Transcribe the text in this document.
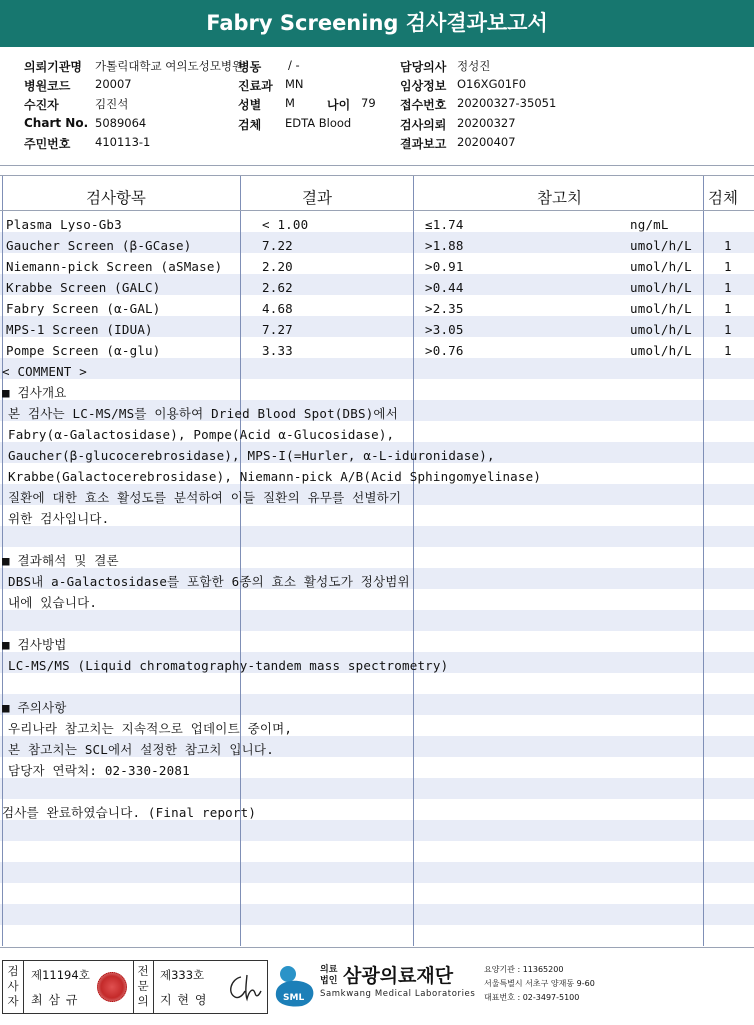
Fabry Screening 검사결과보고서
의뢰기관명 가톨릭대학교 여의도성모병원
병동 / -	담당의사 정성진
병원코드 20007	진료과 MN	임상정보 O16XG01F0
수진자	김진석	성별 M	나이 79 접수번호 20200327-35051
Chart No. 5089064	검체 EDTA Blood	검사의뢰 20200327
주민번호 410113-1	결과보고 20200407
검사항목	결과	참고치	검체
Plasma Lyso-Gb3	< 1.00	≤1.74	ng/mL
Gaucher Screen (β-GCase)	7.22	>1.88	umol/h/L	1
Niemann-pick Screen (aSMase)	2.20	>0.91	umol/h/L	1
Krabbe Screen (GALC)	2.62	>0.44	umol/h/L	1
Fabry Screen (α-GAL)	4.68	>2.35	umol/h/L	1
MPS-1 Screen (IDUA)	7.27	>3.05	umol/h/L	1
Pompe Screen (α-glu)	3.33	>0.76	umol/h/L	1
< COMMENT >
■ 검사개요
본 검사는 LC-MS/MS를 이용하여 Dried Blood Spot(DBS)에서
Fabry(α-Galactosidase), Pompe(Acid α-Glucosidase),
Gaucher(β-glucocerebrosidase), MPS-I(=Hurler, α-L-iduronidase),
Krabbe(Galactocerebrosidase), Niemann-pick A/B(Acid Sphingomyelinase)
질환에 대한 효소 활성도를 분석하여 이들 질환의 유무를 선별하기
위한 검사입니다.
■ 결과해석 및 결론
DBS내 a-Galactosidase를 포함한 6종의 효소 활성도가 정상범위
내에 있습니다.
■ 검사방법
LC-MS/MS (Liquid chromatography-tandem mass spectrometry)
■ 주의사항
우리나라 참고치는 지속적으로 업데이트 중이며,
본 참고치는 SCL에서 설정한 참고치 입니다.
담당자 연락처: 02-330-2081
검사를 완료하였습니다. (Final report)
검사자
제11194호
최 삼 규
전문의
제333호
지 현 영	SML
의료법인 삼광의료재단
Samkwang Medical Laboratories
요양기관 : 11365200
서울특별시 서초구 양재동 9-60
대표번호 : 02-3497-5100
